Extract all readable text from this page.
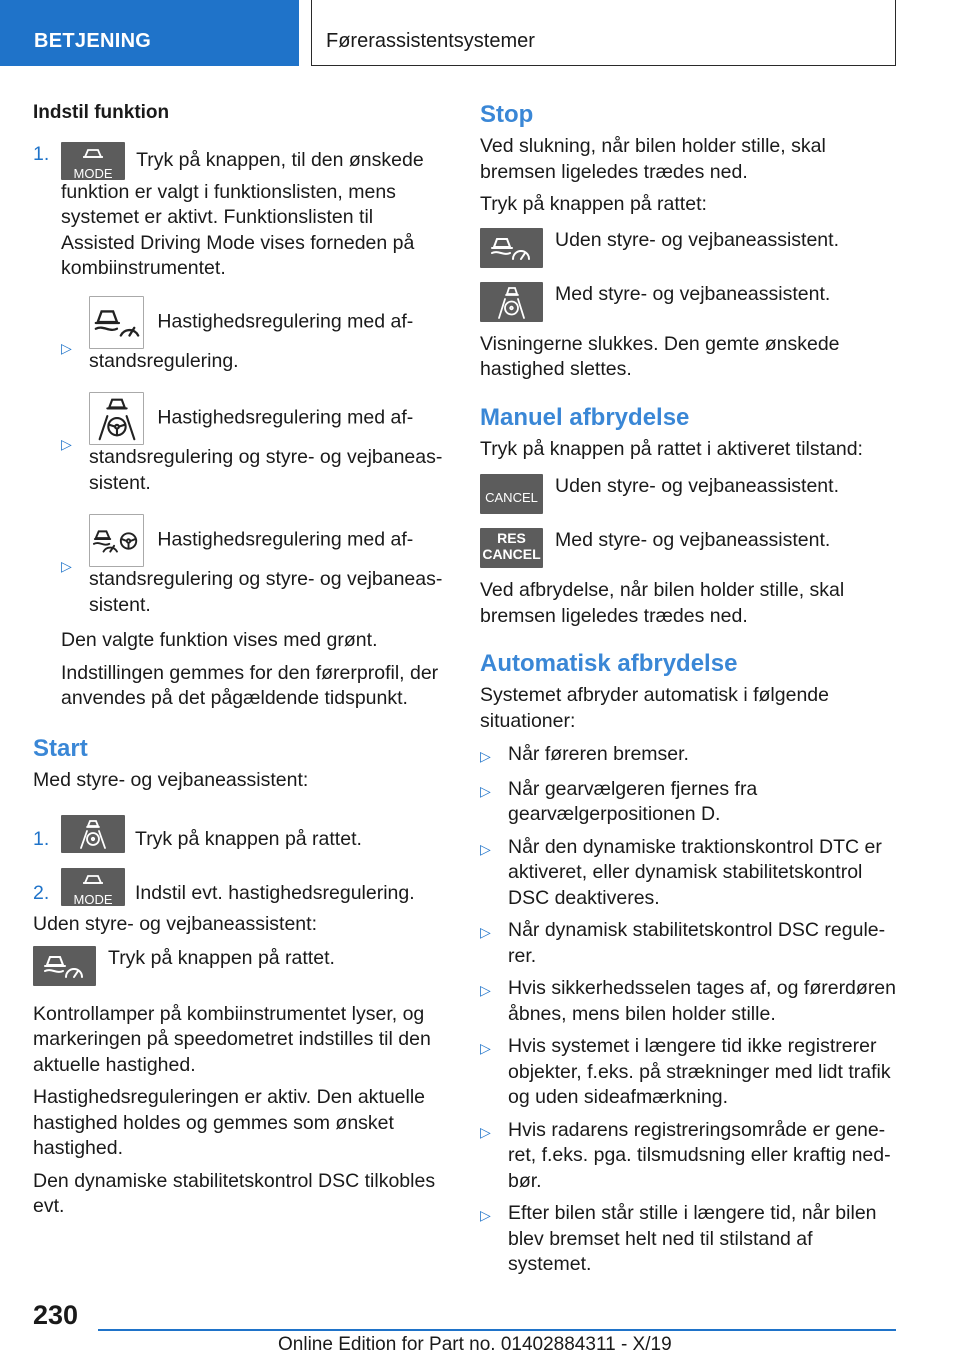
BETJENING	Førerassistentsystemer
Indstil funktion
1.
MODE
Tryk på knappen, til den ønskede funktion er valgt i funktionslisten, mens systemet er aktivt. Funktionslisten til Assisted Driving Mode vises forneden på kombiinstrumentet.
▷
Hastighedsregulering med afstandsregulering.
▷
Hastighedsregulering med afstandsregulering og styre- og vejbaneassistent.
▷
Hastighedsregulering med afstandsregulering og styre- og vejbaneassistent.

Den valgte funktion vises med grønt.

Indstillingen gemmes for den førerprofil, der anvendes på det pågældende tidspunkt.

Start

Med styre- og vejbaneassistent:

1.	Tryk på knappen på rattet.
2.	MODE	Indstil evt. hastighedsregulering.

Uden styre- og vejbaneassistent:

Tryk på knappen på rattet.

Kontrollamper på kombiinstrumentet lyser, og markeringen på speedometret indstilles til den aktuelle hastighed.

Hastighedsreguleringen er aktiv. Den aktuelle hastighed holdes og gemmes som ønsket hastighed.

Den dynamiske stabilitetskontrol DSC tilkobles evt.

Stop

Ved slukning, når bilen holder stille, skal bremsen ligeledes trædes ned.

Tryk på knappen på rattet:

Uden styre- og vejbaneassistent.
Med styre- og vejbaneassistent.

Visningerne slukkes. Den gemte ønskede hastighed slettes.

Manuel afbrydelse

Tryk på knappen på rattet i aktiveret tilstand:

CANCEL
Uden styre- og vejbaneassistent.
RES
CANCEL
Med styre- og vejbaneassistent.

Ved afbrydelse, når bilen holder stille, skal bremsen ligeledes trædes ned.

Automatisk afbrydelse

Systemet afbryder automatisk i følgende situationer:

▷ Når føreren bremser.
▷ Når gearvælgeren fjernes fra gearvælgerpositionen D.
▷ Når den dynamiske traktionskontrol DTC er aktiveret, eller dynamisk stabilitetskontrol DSC deaktiveres.
▷ Når dynamisk stabilitetskontrol DSC regulerer.
▷ Hvis sikkerhedsselen tages af, og førerdøren åbnes, mens bilen holder stille.
▷ Hvis systemet i længere tid ikke registrerer objekter, f.eks. på strækninger med lidt trafik og uden sideafmærkning.
▷ Hvis radarens registreringsområde er generet, f.eks. pga. tilsmudsning eller kraftig nedbør.
▷ Efter bilen står stille i længere tid, når bilen blev bremset helt ned til stilstand af systemet.
230
Online Edition for Part no. 01402884311 - X/19
